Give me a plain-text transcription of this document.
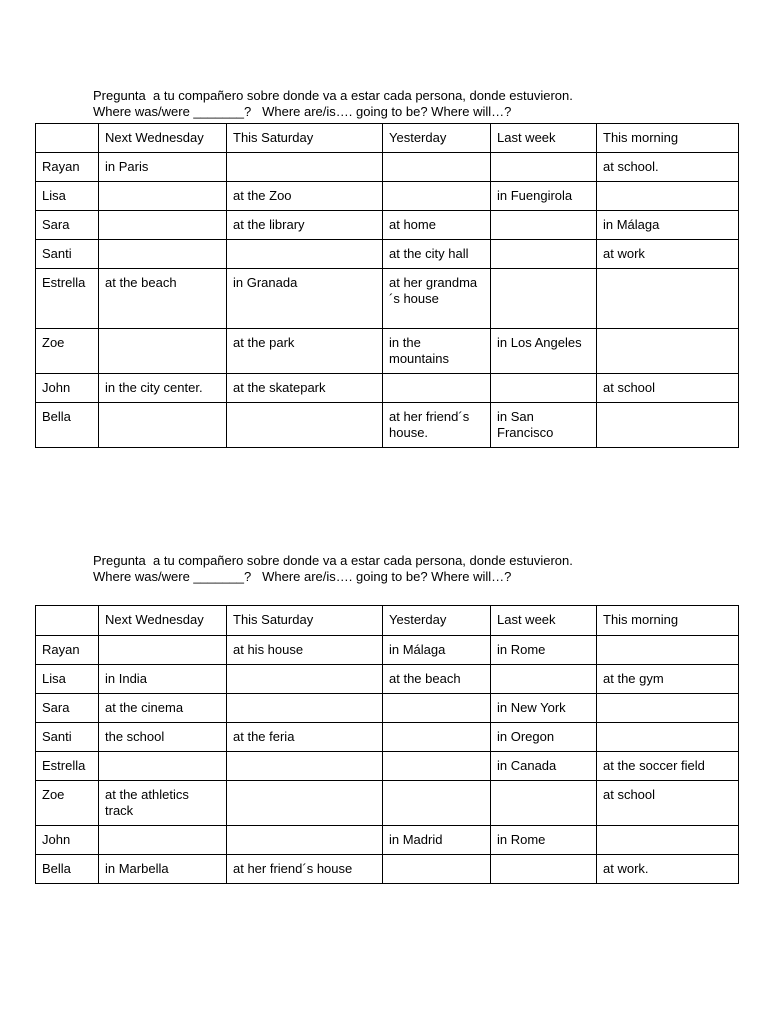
Pregunta  a tu compañero sobre donde va a estar cada persona, donde estuvieron.
Where was/were _______?   Where are/is…. going to be? Where will…?
	Next Wednesday	This Saturday	Yesterday	Last week	This morning
Rayan	in Paris				at school.
Lisa		at the Zoo		in Fuengirola	
Sara		at the library	at home		in Málaga
Santi			at the city hall		at work
Estrella	at the beach	in Granada	at her grandma´s house		
Zoe		at the park	in the mountains	in Los Angeles	
John	in the city center.	at the skatepark			at school
Bella			at her friend´s house.	in San Francisco	
Pregunta  a tu compañero sobre donde va a estar cada persona, donde estuvieron.
Where was/were _______?   Where are/is…. going to be? Where will…?
	Next Wednesday	This Saturday	Yesterday	Last week	This morning
Rayan		at his house	in Málaga	in Rome	
Lisa	in India		at the beach		at the gym
Sara	at the cinema			in New York	
Santi	the school	at the feria		in Oregon	
Estrella				in Canada	at the soccer field
Zoe	at the athletics track				at school
John			in Madrid	in Rome	
Bella	in Marbella	at her friend´s house			at work.
